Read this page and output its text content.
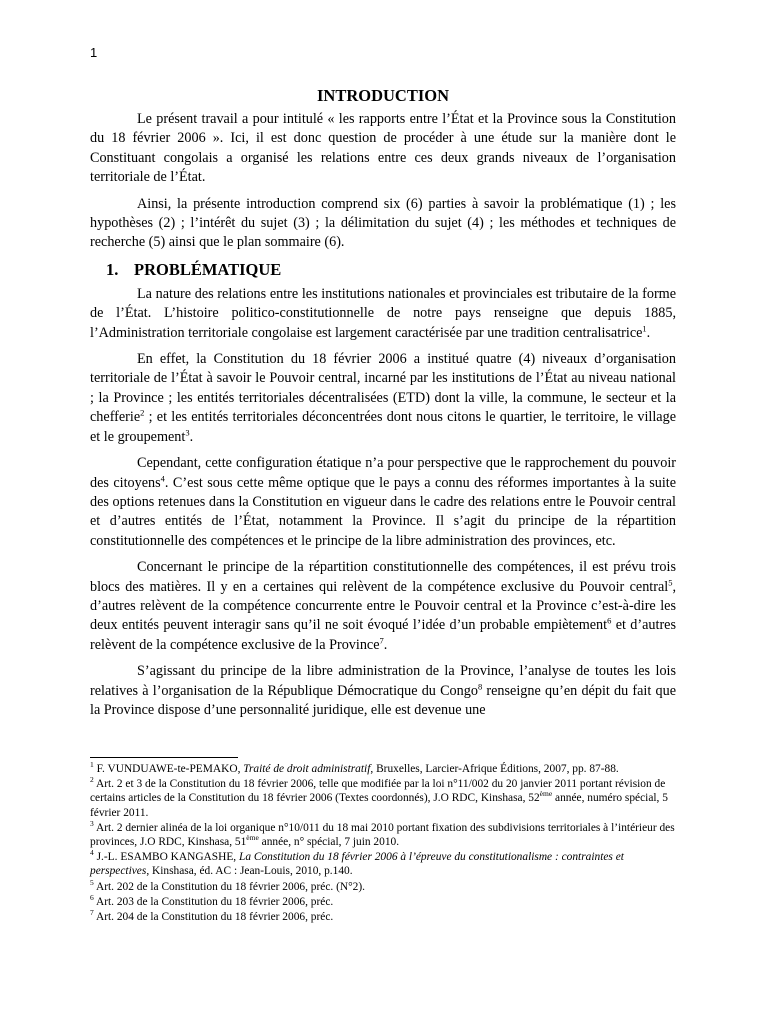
1
INTRODUCTION

Le présent travail a pour intitulé « les rapports entre l’État et la Province sous la Constitution du 18 février 2006 ». Ici, il est donc question de procéder à une étude sur la manière dont le Constituant congolais a organisé les relations entre ces deux grands niveaux de l’organisation territoriale de l’État.

Ainsi, la présente introduction comprend six (6) parties à savoir la problématique (1) ; les hypothèses (2) ; l’intérêt du sujet (3) ; la délimitation du sujet (4) ; les méthodes et techniques de recherche (5) ainsi que le plan sommaire (6).

1. PROBLÉMATIQUE

La nature des relations entre les institutions nationales et provinciales est tributaire de la forme de l’État. L’histoire politico-constitutionnelle de notre pays renseigne que depuis 1885, l’Administration territoriale congolaise est largement caractérisée par une tradition centralisatrice$^1$.

En effet, la Constitution du 18 février 2006 a institué quatre (4) niveaux d’organisation territoriale de l’État à savoir le Pouvoir central, incarné par les institutions de l’État au niveau national ; la Province ; les entités territoriales décentralisées (ETD) dont la ville, la commune, le secteur et la chefferie$^2$ ; et les entités territoriales déconcentrées dont nous citons le quartier, le territoire, le village et le groupement$^3$.

Cependant, cette configuration étatique n’a pour perspective que le rapprochement du pouvoir des citoyens$^4$. C’est sous cette même optique que le pays a connu des réformes importantes à la suite des options retenues dans la Constitution en vigueur dans le cadre des relations entre le Pouvoir central et d’autres entités de l’État, notamment la Province. Il s’agit du principe de la répartition constitutionnelle des compétences et le principe de la libre administration des provinces, etc.

Concernant le principe de la répartition constitutionnelle des compétences, il est prévu trois blocs des matières. Il y en a certaines qui relèvent de la compétence exclusive du Pouvoir central$^5$, d’autres relèvent de la compétence concurrente entre le Pouvoir central et la Province c’est-à-dire les deux entités peuvent interagir sans qu’il ne soit évoqué l’idée d’un probable empiètement$^6$ et d’autres relèvent de la compétence exclusive de la Province$^7$.

S’agissant du principe de la libre administration de la Province, l’analyse de toutes les lois relatives à l’organisation de la République Démocratique du Congo$^8$ renseigne qu’en dépit du fait que la Province dispose d’une personnalité juridique, elle est devenue une

$^1$ F. VUNDUAWE-te-PEMAKO, Traité de droit administratif, Bruxelles, Larcier-Afrique Éditions, 2007, pp. 87-88.

$^2$ Art. 2 et 3 de la Constitution du 18 février 2006, telle que modifiée par la loi n°11/002 du 20 janvier 2011 portant révision de certains articles de la Constitution du 18 février 2006 (Textes coordonnés), J.O RDC, Kinshasa, 52ème année, numéro spécial, 5 février 2011.

$^3$ Art. 2 dernier alinéa de la loi organique n°10/011 du 18 mai 2010 portant fixation des subdivisions territoriales à l’intérieur des provinces, J.O RDC, Kinshasa, 51ème année, n° spécial, 7 juin 2010.

$^4$ J.-L. ESAMBO KANGASHE, La Constitution du 18 février 2006 à l’épreuve du constitutionalisme : contraintes et perspectives, Kinshasa, éd. AC : Jean-Louis, 2010, p.140.

$^5$ Art. 202 de la Constitution du 18 février 2006, préc. (N°2).

$^6$ Art. 203 de la Constitution du 18 février 2006, préc.

$^7$ Art. 204 de la Constitution du 18 février 2006, préc.
